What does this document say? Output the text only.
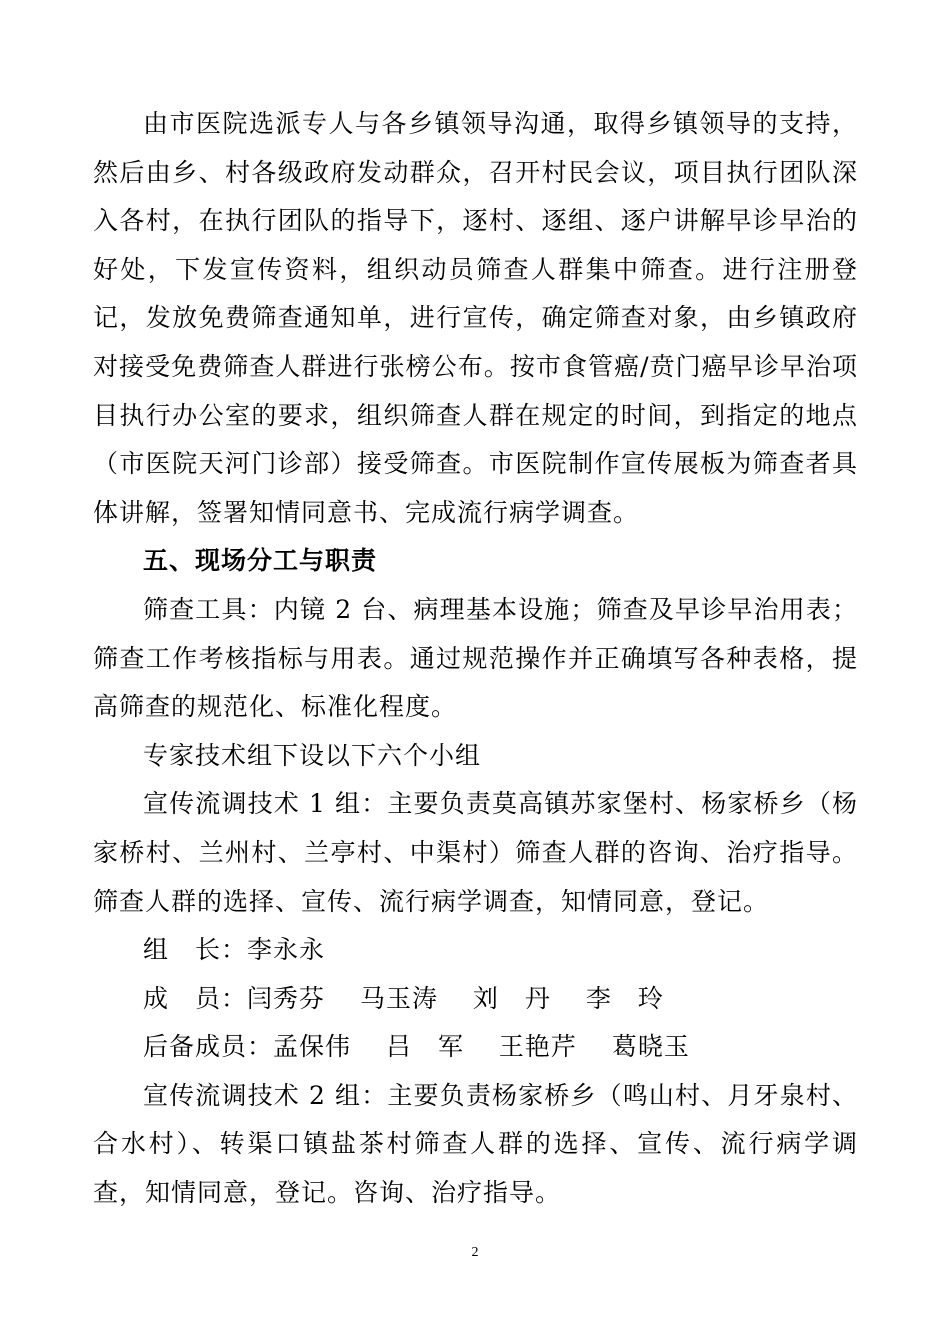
由市医院选派专人与各乡镇领导沟通，取得乡镇领导的支持，然后由乡、村各级政府发动群众，召开村民会议，项目执行团队深入各村，在执行团队的指导下，逐村、逐组、逐户讲解早诊早治的好处，下发宣传资料，组织动员筛查人群集中筛查。进行注册登记，发放免费筛查通知单，进行宣传，确定筛查对象，由乡镇政府对接受免费筛查人群进行张榜公布。按市食管癌/贲门癌早诊早治项目执行办公室的要求，组织筛查人群在规定的时间，到指定的地点（市医院天河门诊部）接受筛查。市医院制作宣传展板为筛查者具体讲解，签署知情同意书、完成流行病学调查。

五、现场分工与职责

筛查工具：内镜 2 台、病理基本设施；筛查及早诊早治用表；筛查工作考核指标与用表。通过规范操作并正确填写各种表格，提高筛查的规范化、标准化程度。

专家技术组下设以下六个小组

宣传流调技术 1 组：主要负责莫高镇苏家堡村、杨家桥乡（杨家桥村、兰州村、兰亭村、中渠村）筛查人群的咨询、治疗指导。筛查人群的选择、宣传、流行病学调查，知情同意，登记。

组　长：李永永

成　员：闫秀芬　 马玉涛　 刘　丹　 李　玲

后备成员：孟保伟　 吕　军　 王艳芹　 葛晓玉

宣传流调技术 2 组：主要负责杨家桥乡（鸣山村、月牙泉村、合水村）、转渠口镇盐茶村筛查人群的选择、宣传、流行病学调查，知情同意，登记。咨询、治疗指导。

2
